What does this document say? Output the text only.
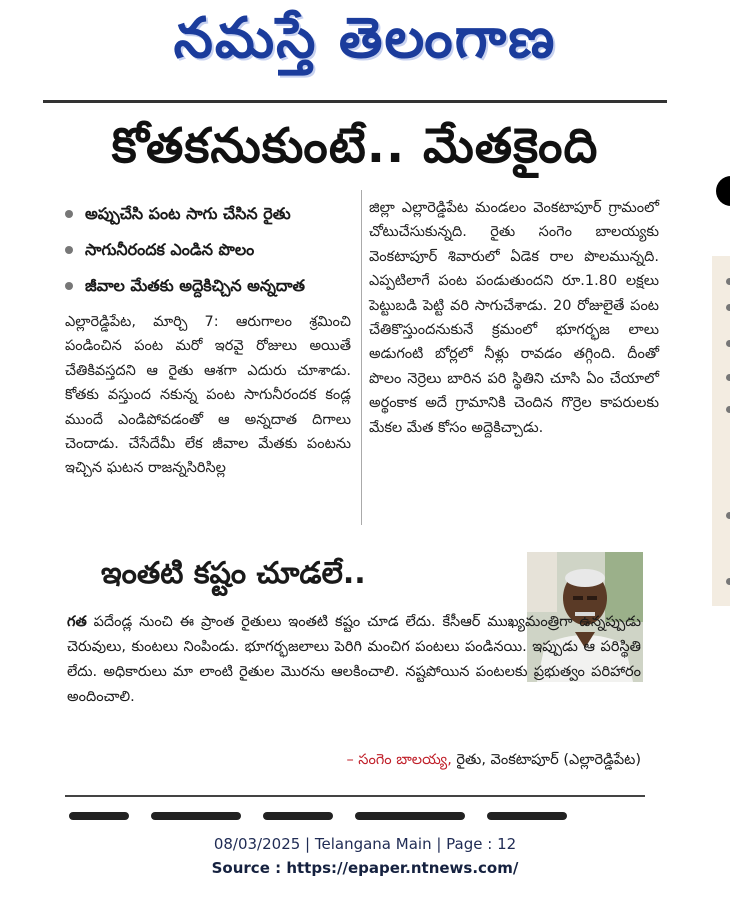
నమస్తే తెలంగాణ
కోతకనుకుంటే.. మేతకైంది
అప్పుచేసి పంట సాగు చేసిన రైతు
సాగునీరందక ఎండిన పొలం
జీవాల మేతకు అద్దెకిచ్చిన అన్నదాత
ఎల్లారెడ్డిపేట, మార్చి 7: ఆరుగాలం శ్రమించి పండించిన పంట మరో ఇరవై రోజులు అయితే చేతికివస్తదని ఆ రైతు ఆశగా ఎదురు చూశాడు. కోతకు వస్తుంద నకున్న పంట సాగునీరందక కండ్ల ముందే ఎండిపోవడంతో ఆ అన్నదాత దిగాలు చెందాడు. చేసేదేమీ లేక జీవాల మేతకు పంటను ఇచ్చిన ఘటన రాజన్నసిరిసిల్ల
జిల్లా ఎల్లారెడ్డిపేట మండలం వెంకటాపూర్ గ్రామంలో చోటుచేసుకున్నది. రైతు సంగెం బాలయ్యకు వెంకటాపూర్ శివారులో ఏడెక రాల పొలమున్నది. ఎప్పటిలాగే పంట పండుతుందని రూ.1.80 లక్షలు పెట్టుబడి పెట్టి వరి సాగుచేశాడు. 20 రోజులైతే పంట చేతికొస్తుందనుకునే క్రమంలో భూగర్భజ లాలు అడుగంటి బోర్లలో నీళ్లు రావడం తగ్గింది. దీంతో పొలం నెర్రెలు బారిన పరి స్థితిని చూసి ఏం చేయాలో అర్థంకాక అదే గ్రామానికి చెందిన గొర్రెల కాపరులకు మేకల మేత కోసం అద్దెకిచ్చాడు.
ఇంతటి కష్టం చూడలే..
గత పదేండ్ల నుంచి ఈ ప్రాంత రైతులు ఇంతటి కష్టం చూడ లేదు. కేసీఆర్ ముఖ్యమంత్రిగా ఉన్నప్పుడు చెరువులు, కుంటలు నింపిండు. భూగర్భజలాలు పెరిగి మంచిగ పంటలు పండినయి. ఇప్పుడు ఆ పరిస్థితి లేదు. అధికారులు మా లాంటి రైతుల మొరను ఆలకించాలి. నష్టపోయిన పంటలకు ప్రభుత్వం పరిహారం అందించాలి.
– సంగెం బాలయ్య, రైతు, వెంకటాపూర్ (ఎల్లారెడ్డిపేట)
08/03/2025 | Telangana Main | Page : 12
Source : https://epaper.ntnews.com/
